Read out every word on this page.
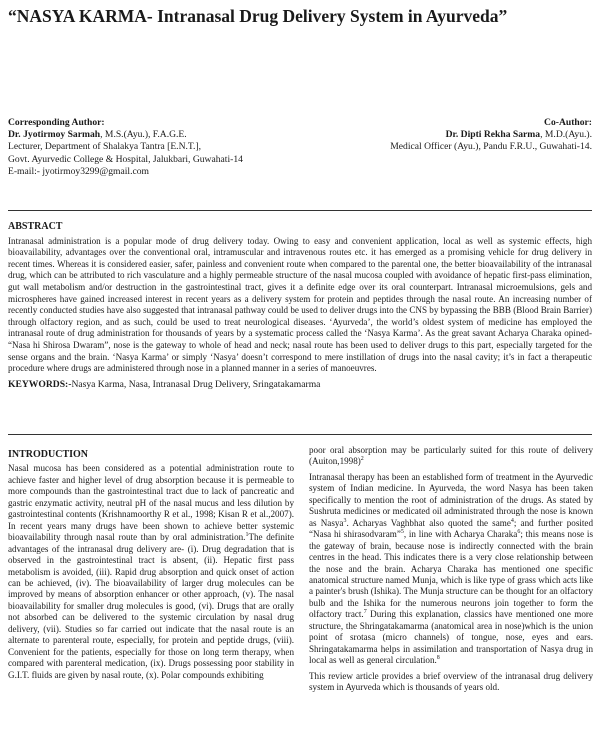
“NASYA KARMA- Intranasal Drug Delivery System in Ayurveda”
Corresponding Author:
Dr. Jyotirmoy Sarmah, M.S.(Ayu.), F.A.G.E.
Lecturer, Department of Shalakya Tantra [E.N.T.],
Govt. Ayurvedic College & Hospital, Jalukbari, Guwahati-14
E-mail:- jyotirmoy3299@gmail.com
Co-Author:
Dr. Dipti Rekha Sarma, M.D.(Ayu.).
Medical Officer (Ayu.), Pandu F.R.U., Guwahati-14.
ABSTRACT

Intranasal administration is a popular mode of drug delivery today. Owing to easy and convenient application, local as well as systemic effects, high bioavailability, advantages over the conventional oral, intramuscular and intravenous routes etc. it has emerged as a promising vehicle for drug delivery in recent times. Whereas it is considered easier, safer, painless and convenient route when compared to the parental one, the better bioavailability of the intranasal drug, which can be attributed to rich vasculature and a highly permeable structure of the nasal mucosa coupled with avoidance of hepatic first-pass elimination, gut wall metabolism and/or destruction in the gastrointestinal tract, gives it a definite edge over its oral counterpart. Intranasal microemulsions, gels and microspheres have gained increased interest in recent years as a delivery system for protein and peptides through the nasal route. An increasing number of recently conducted studies have also suggested that intranasal pathway could be used to deliver drugs into the CNS by bypassing the BBB (Blood Brain Barrier) through olfactory region, and as such, could be used to treat neurological diseases. ‘Ayurveda’, the world’s oldest system of medicine has employed the intranasal route of drug administration for thousands of years by a systematic process called the ‘Nasya Karma’. As the great savant Acharya Charaka opined- “Nasa hi Shirosa Dwaram”, nose is the gateway to whole of head and neck; nasal route has been used to deliver drugs to this part, especially targeted for the sense organs and the brain. ‘Nasya Karma’ or simply ‘Nasya’ doesn’t correspond to mere instillation of drugs into the nasal cavity; it’s in fact a therapeutic procedure where drugs are administered through nose in a planned manner in a series of manoeuvres.

KEYWORDS:-Nasya Karma, Nasa, Intranasal Drug Delivery, Sringatakamarma
INTRODUCTION

Nasal mucosa has been considered as a potential administration route to achieve faster and higher level of drug absorption because it is permeable to more compounds than the gastrointestinal tract due to lack of pancreatic and gastric enzymatic activity, neutral pH of the nasal mucus and less dilution by gastrointestinal contents (Krishnamoorthy R et al., 1998; Kisan R et al.,2007). In recent years many drugs have been shown to achieve better systemic bioavailability through nasal route than by oral administration.$^1$The definite advantages of the intranasal drug delivery are- (i). Drug degradation that is observed in the gastrointestinal tract is absent, (ii). Hepatic first pass metabolism is avoided, (iii). Rapid drug absorption and quick onset of action can be achieved, (iv). The bioavailability of larger drug molecules can be improved by means of absorption enhancer or other approach, (v). The nasal bioavailability for smaller drug molecules is good, (vi). Drugs that are orally not absorbed can be delivered to the systemic circulation by nasal drug delivery, (vii). Studies so far carried out indicate that the nasal route is an alternate to parenteral route, especially, for protein and peptide drugs, (viii). Convenient for the patients, especially for those on long term therapy, when compared with parenteral medication, (ix). Drugs possessing poor stability in G.I.T. fluids are given by nasal route, (x). Polar compounds exhibiting

poor oral absorption may be particularly suited for this route of delivery (Auiton,1998)$^2$

Intranasal therapy has been an established form of treatment in the Ayurvedic system of Indian medicine. In Ayurveda, the word Nasya has been taken specifically to mention the root of administration of the drugs. As stated by Sushruta medicines or medicated oil administrated through the nose is known as Nasya$^3$. Acharyas Vaghbhat also quoted the same$^4$; and further posited “Nasa hi shirasodvaram”$^5$, in line with Acharya Charaka$^6$; this means nose is the gateway of brain, because nose is indirectly connected with the brain centres in the head. This indicates there is a very close relationship between the nose and the brain. Acharya Charaka has mentioned one specific anatomical structure named Munja, which is like type of grass which acts like a painter's brush (Ishika). The Munja structure can be thought for an olfactory bulb and the Ishika for the numerous neurons join together to form the olfactory tract.$^7$ During this explanation, classics have mentioned one more structure, the Shringatakamarma (anatomical area in nose)which is the union point of srotasa (micro channels) of tongue, nose, eyes and ears. Shringatakamarma helps in assimilation and transportation of Nasya drug in local as well as general circulation.$^8$

This review article provides a brief overview of the intranasal drug delivery system in Ayurveda which is thousands of years old.
